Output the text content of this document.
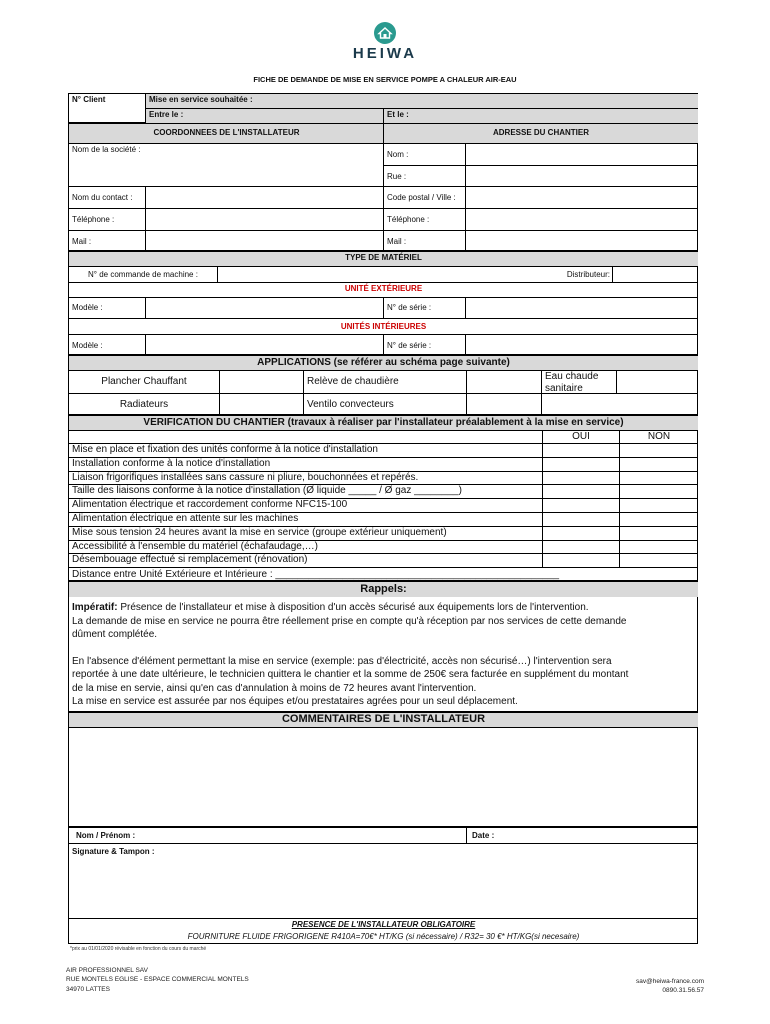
HEIWA
FICHE DE DEMANDE DE MISE EN SERVICE POMPE A CHALEUR AIR-EAU
N° Client	Mise en service souhaitée :
Entre le :	Et le :
COORDONNEES DE L'INSTALLATEUR	ADRESSE DU CHANTIER
Nom de la société :
Nom :
Rue :
Nom du contact :	Code postal / Ville :
Téléphone :	Téléphone :
Mail :	Mail :
TYPE DE MATÉRIEL
N° de commande de machine :	Distributeur:
UNITÉ EXTÉRIEURE
Modèle :	N° de série :
UNITÉS INTÉRIEURES
Modèle :	N° de série :
APPLICATIONS (se référer au schéma page suivante)
Plancher Chauffant	Relève de chaudière	Eau chaude sanitaire
Radiateurs	Ventilo convecteurs
VERIFICATION DU CHANTIER (travaux à réaliser par l'installateur préalablement à la mise en service)
OUI	NON
Mise en place et fixation des unités conforme à la notice d'installation
Installation conforme à la notice d'installation
Liaison frigorifiques installées sans cassure ni pliure, bouchonnées et repérés.
Taille des liaisons conforme à la notice d'installation (Ø liquide _____ / Ø gaz ________)
Alimentation électrique et raccordement conforme NFC15-100
Alimentation électrique en attente sur les machines
Mise sous tension 24 heures avant la mise en service (groupe extérieur uniquement)
Accessibilité à l'ensemble du matériel (échafaudage,…)
Désembouage effectué si remplacement (rénovation)
Distance entre Unité Extérieure et Intérieure : ___________________________________________________
Rappels:
Impératif: Présence de l'installateur et mise à disposition d'un accès sécurisé aux équipements lors de l'intervention.
La demande de mise en service ne pourra être réellement prise en compte qu'à réception par nos services de cette demande
dûment complétée.
En l'absence d'élément permettant la mise en service (exemple: pas d'électricité, accès non sécurisé…) l'intervention sera
reportée à une date ultérieure, le technicien quittera le chantier et la somme de 250€ sera facturée en supplément du montant
de la mise en servie, ainsi qu'en cas d'annulation à moins de 72 heures avant l'intervention.
La mise en service est assurée par nos équipes et/ou prestataires agrées pour un seul déplacement.
COMMENTAIRES DE L'INSTALLATEUR
Nom / Prénom :	Date :
Signature & Tampon :
PRESENCE DE L'INSTALLATEUR OBLIGATOIRE
FOURNITURE FLUIDE FRIGORIGENE R410A=70€* HT/KG (si nécessaire) / R32= 30 €* HT/KG(si necesaire)
*prix au 01/01/2020 révisable en fonction du cours du marché
AIR PROFESSIONNEL SAV
RUE MONTELS EGLISE - ESPACE COMMERCIAL MONTELS
34970 LATTES
sav@heiwa-france.com
0890.31.56.57
